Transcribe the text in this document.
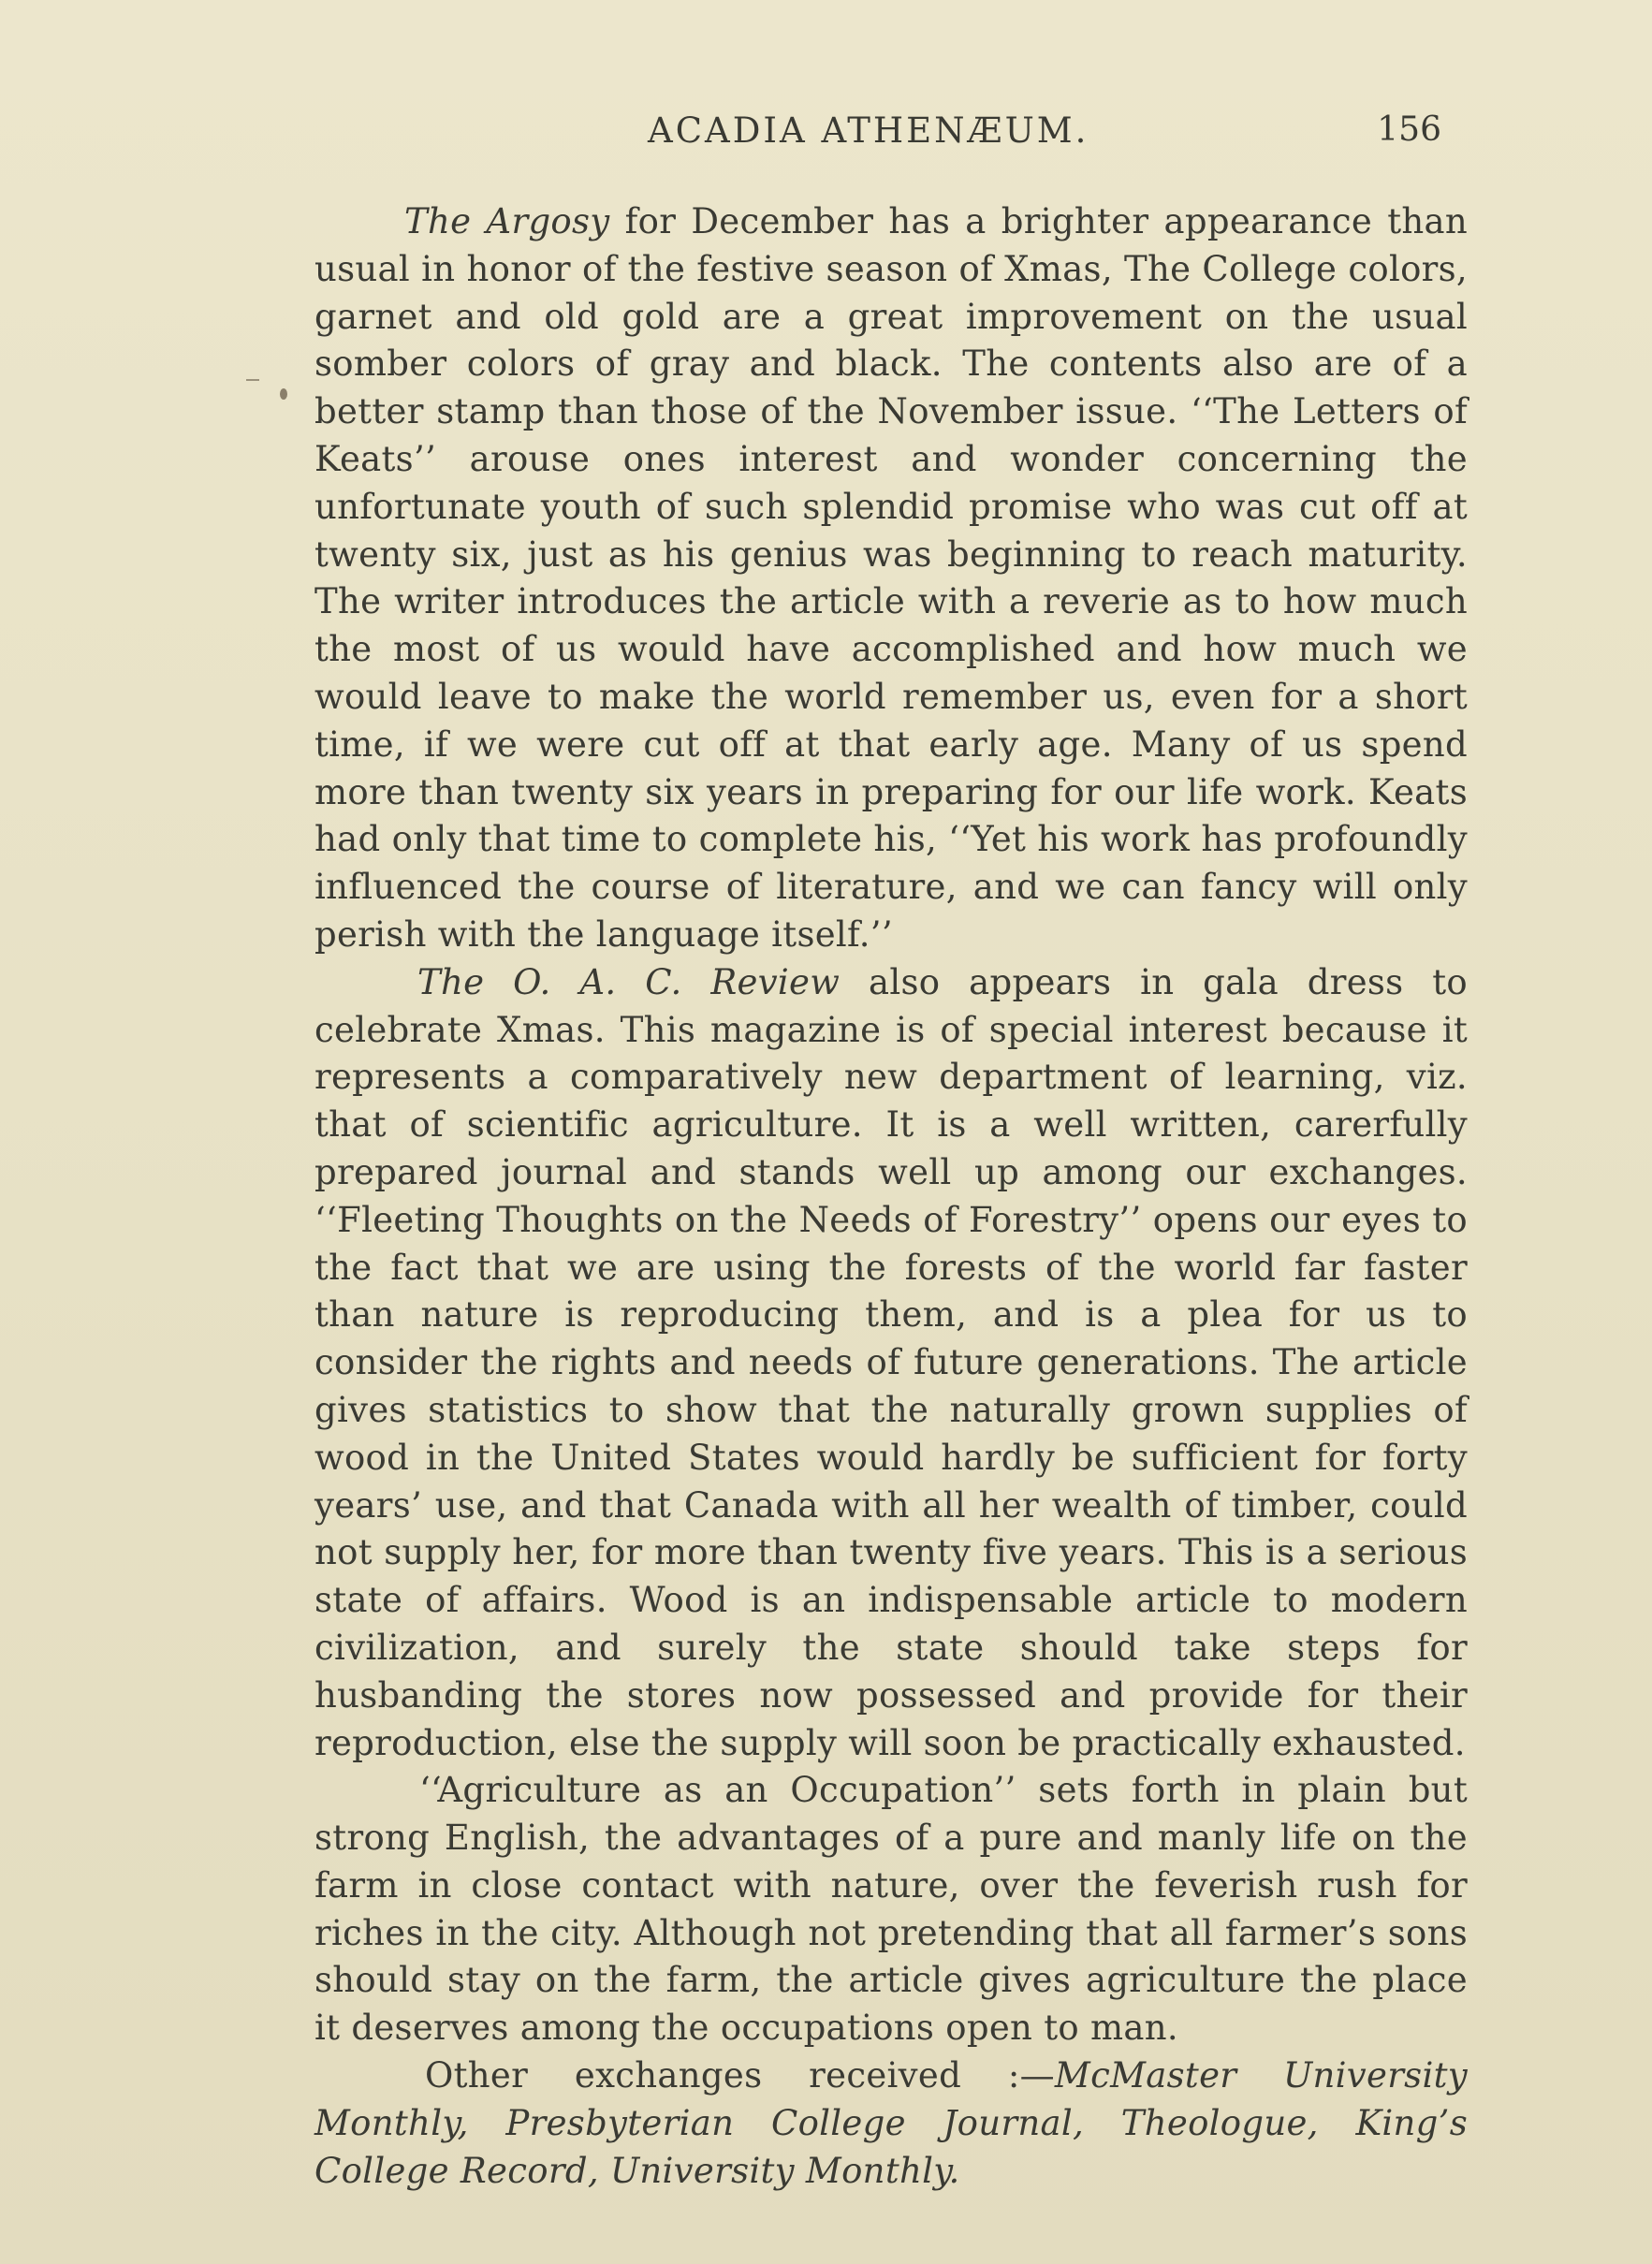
ACADIA ATHENÆUM.	156

The Argosy for December has a brighter appearance than usual in honor of the festive season of Xmas, The College colors, garnet and old gold are a great improvement on the usual somber colors of gray and black. The contents also are of a better stamp than those of the November issue. ‘‘The Letters of Keats’’ arouse ones interest and wonder concerning the unfortunate youth of such splendid promise who was cut off at twenty six, just as his genius was beginning to reach maturity. The writer introduces the article with a reverie as to how much the most of us would have accomplished and how much we would leave to make the world remember us, even for a short time, if we were cut off at that early age. Many of us spend more than twenty six years in preparing for our life work. Keats had only that time to complete his, ‘‘Yet his work has profoundly influenced the course of literature, and we can fancy will only perish with the language itself.’’

The O. A. C. Review also appears in gala dress to celebrate Xmas. This magazine is of special interest because it represents a comparatively new department of learning, viz. that of scientific agriculture. It is a well written, carerfully prepared journal and stands well up among our exchanges. ‘‘Fleeting Thoughts on the Needs of Forestry’’ opens our eyes to the fact that we are using the forests of the world far faster than nature is reproducing them, and is a plea for us to consider the rights and needs of future generations. The article gives statistics to show that the naturally grown supplies of wood in the United States would hardly be sufficient for forty years’ use, and that Canada with all her wealth of timber, could not supply her, for more than twenty five years. This is a serious state of affairs. Wood is an indispensable article to modern civilization, and surely the state should take steps for husbanding the stores now possessed and provide for their reproduction, else the supply will soon be practically exhausted.

‘‘Agriculture as an Occupation’’ sets forth in plain but strong English, the advantages of a pure and manly life on the farm in close contact with nature, over the feverish rush for riches in the city. Although not pretending that all farmer’s sons should stay on the farm, the article gives agriculture the place it deserves among the occupations open to man.

Other exchanges received :—McMaster University Monthly, Presbyterian College Journal, Theologue, King’s College Record, University Monthly.
